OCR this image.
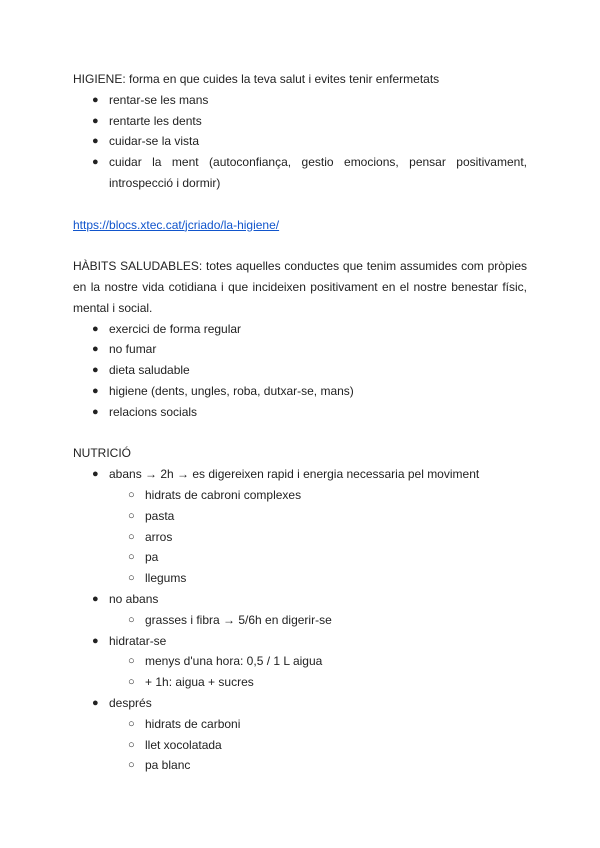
HIGIENE: forma en que cuides la teva salut i evites tenir enfermetats

● rentar-se les mans
● rentarte les dents
● cuidar-se la vista
● cuidar la ment (autoconfiança, gestio emocions, pensar positivament, introspecció i dormir)

https://blocs.xtec.cat/jcriado/la-higiene/

HÀBITS SALUDABLES: totes aquelles conductes que tenim assumides com pròpies en la nostre vida cotidiana i que incideixen positivament en el nostre benestar físic, mental i social.

● exercici de forma regular
● no fumar
● dieta saludable
● higiene (dents, ungles, roba, dutxar-se, mans)
● relacions socials

NUTRICIÓ

● abans → 2h → es digereixen rapid i energia necessaria pel moviment
○ hidrats de cabroni complexes
○ pasta
○ arros
○ pa
○ llegums
● no abans
○ grasses i fibra → 5/6h en digerir-se
● hidratar-se
○ menys d'una hora: 0,5 / 1 L aigua
○ + 1h: aigua + sucres
● després
○ hidrats de carboni
○ llet xocolatada
○ pa blanc
